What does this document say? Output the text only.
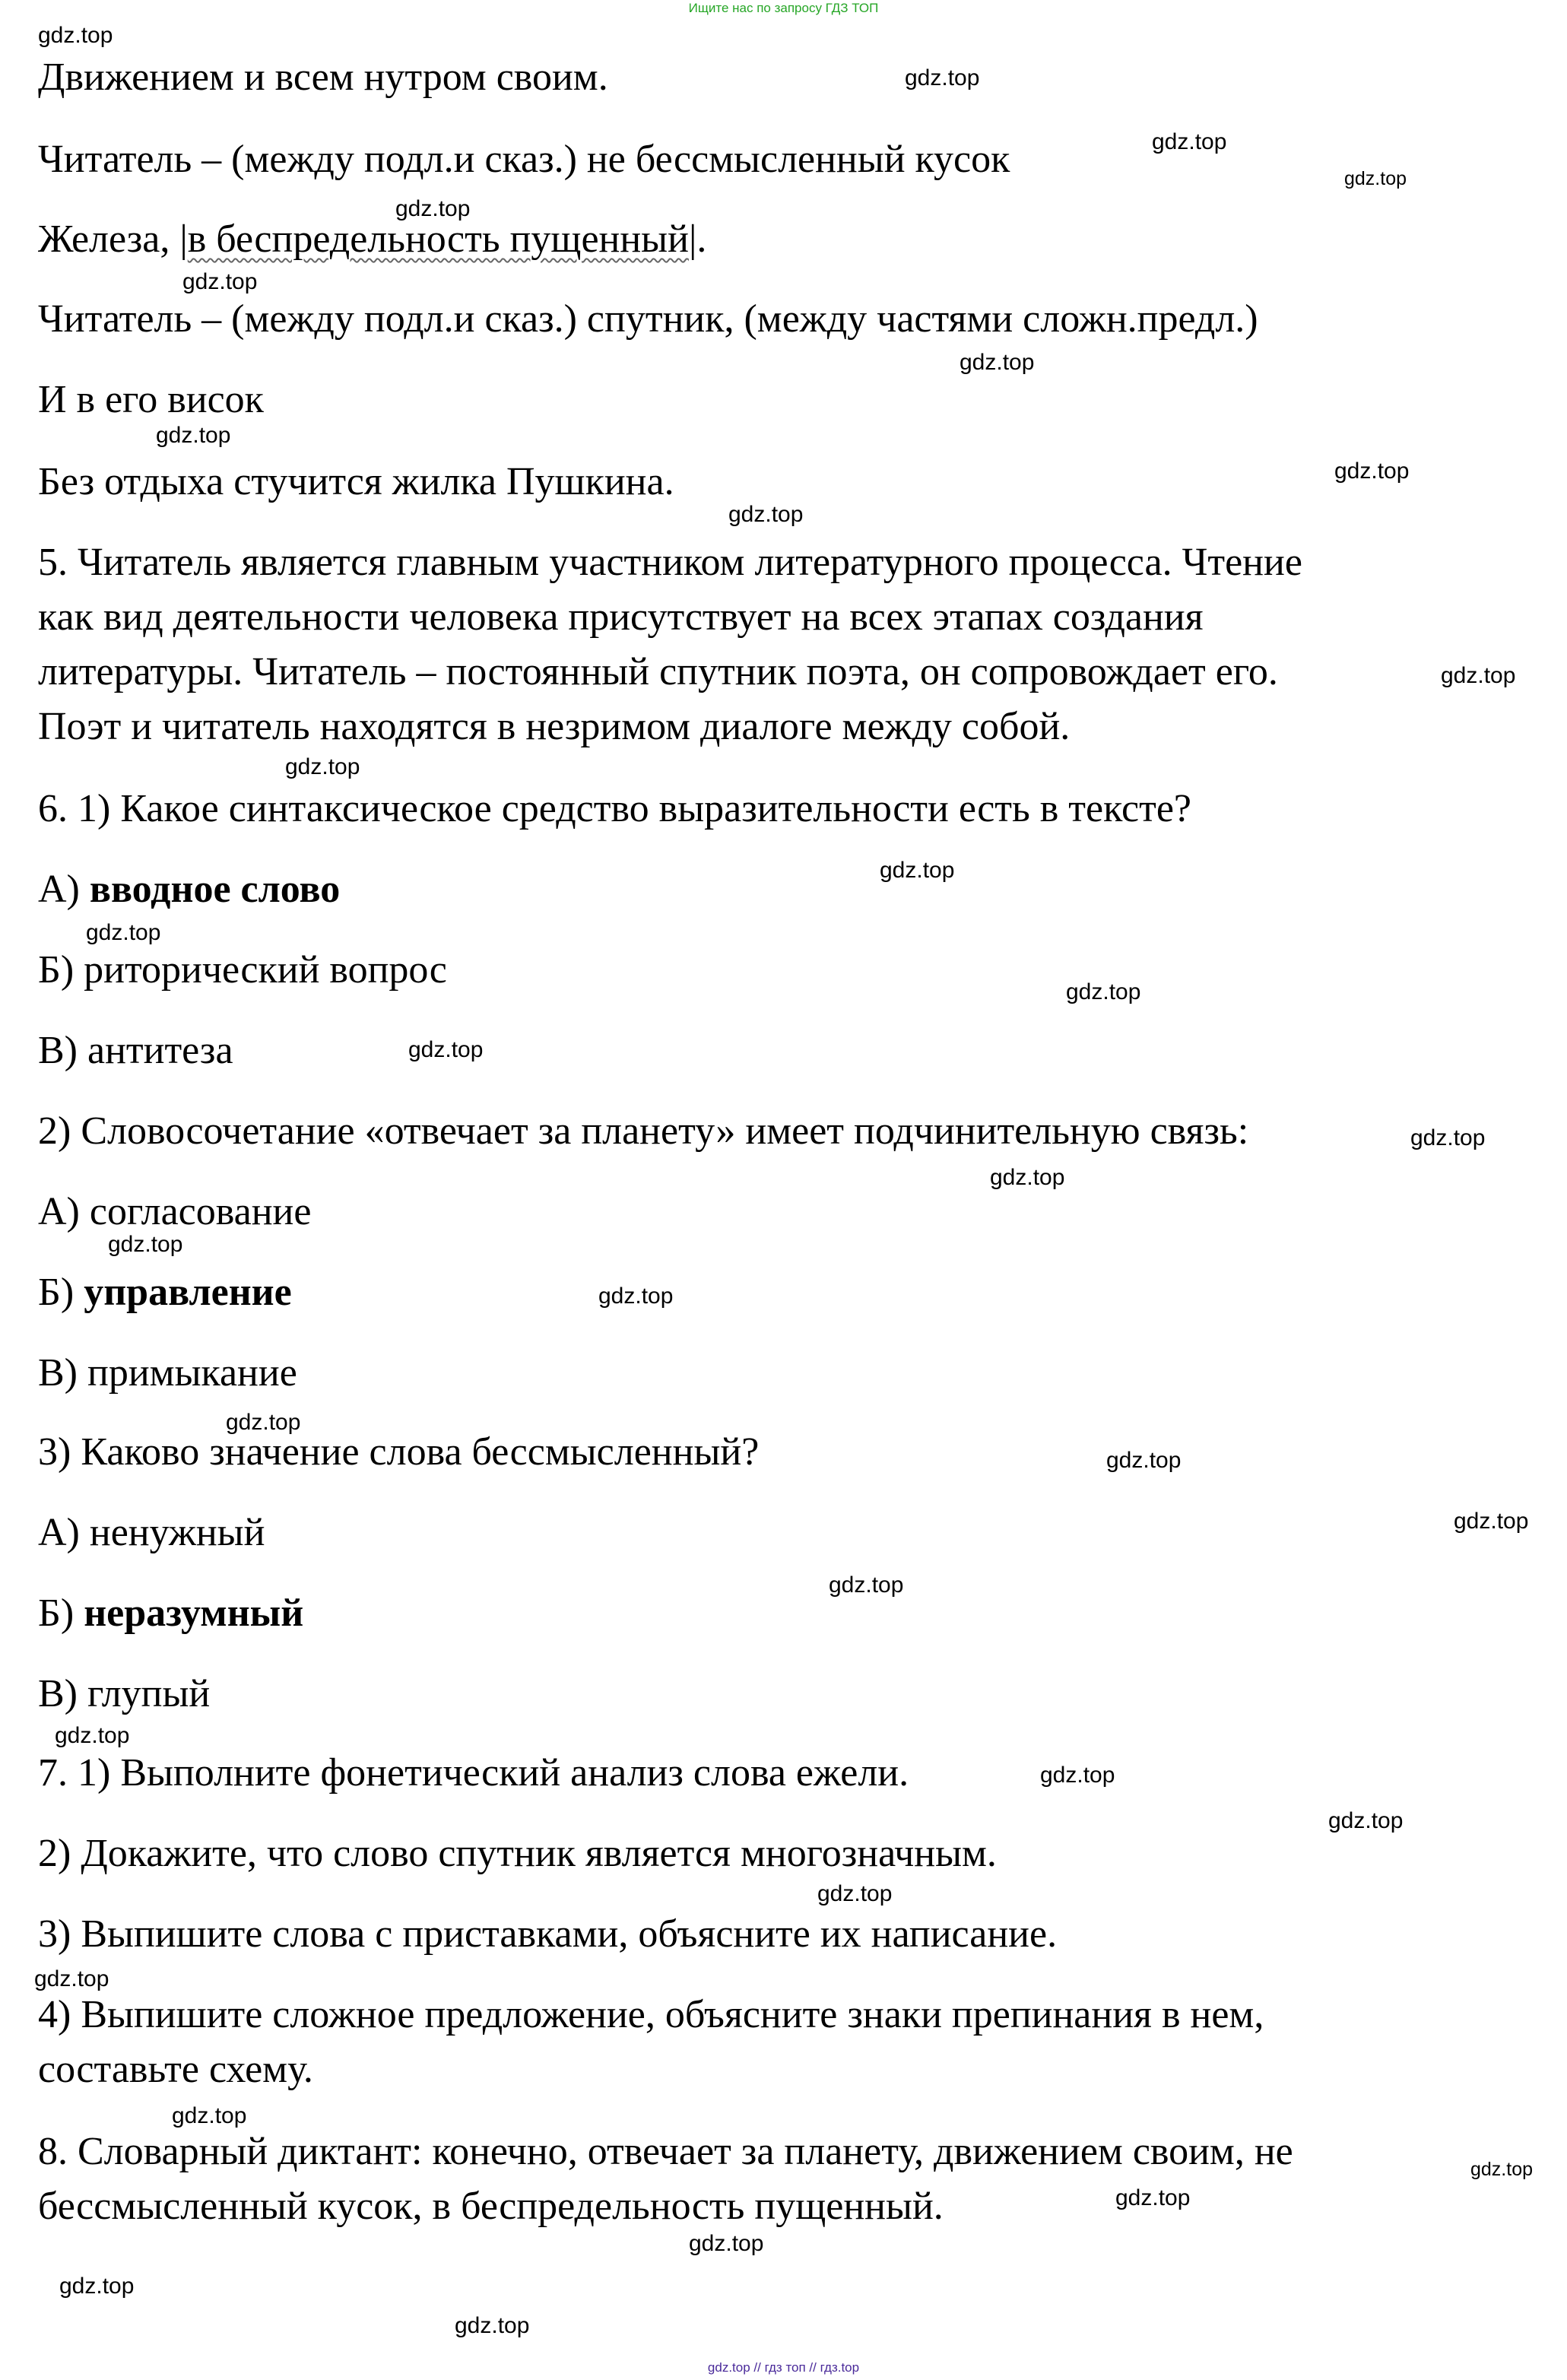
Ищите нас по запросу ГДЗ ТОП
Движением и всем нутром своим.
Читатель – (между подл.и сказ.) не бессмысленный кусок
Железа, |в беспредельность пущенный|.
Читатель – (между подл.и сказ.) спутник, (между частями сложн.предл.)
И в его висок
Без отдыха стучится жилка Пушкина.
5. Читатель является главным участником литературного процесса. Чтение
как вид деятельности человека присутствует на всех этапах создания
литературы. Читатель – постоянный спутник поэта, он сопровождает его.
Поэт и читатель находятся в незримом диалоге между собой.
6. 1) Какое синтаксическое средство выразительности есть в тексте?
А) вводное слово
Б) риторический вопрос
В) антитеза
2) Словосочетание «отвечает за планету» имеет подчинительную связь:
А) согласование
Б) управление
В) примыкание
3) Каково значение слова бессмысленный?
А) ненужный
Б) неразумный
В) глупый
7. 1) Выполните фонетический анализ слова ежели.
2) Докажите, что слово спутник является многозначным.
3) Выпишите слова с приставками, объясните их написание.
4) Выпишите сложное предложение, объясните знаки препинания в нем,
составьте схему.
8. Словарный диктант: конечно, отвечает за планету, движением своим, не
бессмысленный кусок, в беспредельность пущенный.
gdz.top
gdz.top
gdz.top
gdz.top
gdz.top
gdz.top
gdz.top
gdz.top
gdz.top
gdz.top
gdz.top
gdz.top
gdz.top
gdz.top
gdz.top
gdz.top
gdz.top
gdz.top
gdz.top
gdz.top
gdz.top
gdz.top
gdz.top
gdz.top
gdz.top
gdz.top
gdz.top
gdz.top
gdz.top
gdz.top
gdz.top
gdz.top
gdz.top
gdz.top
gdz.top
gdz.top // гдз топ // гдз.top
